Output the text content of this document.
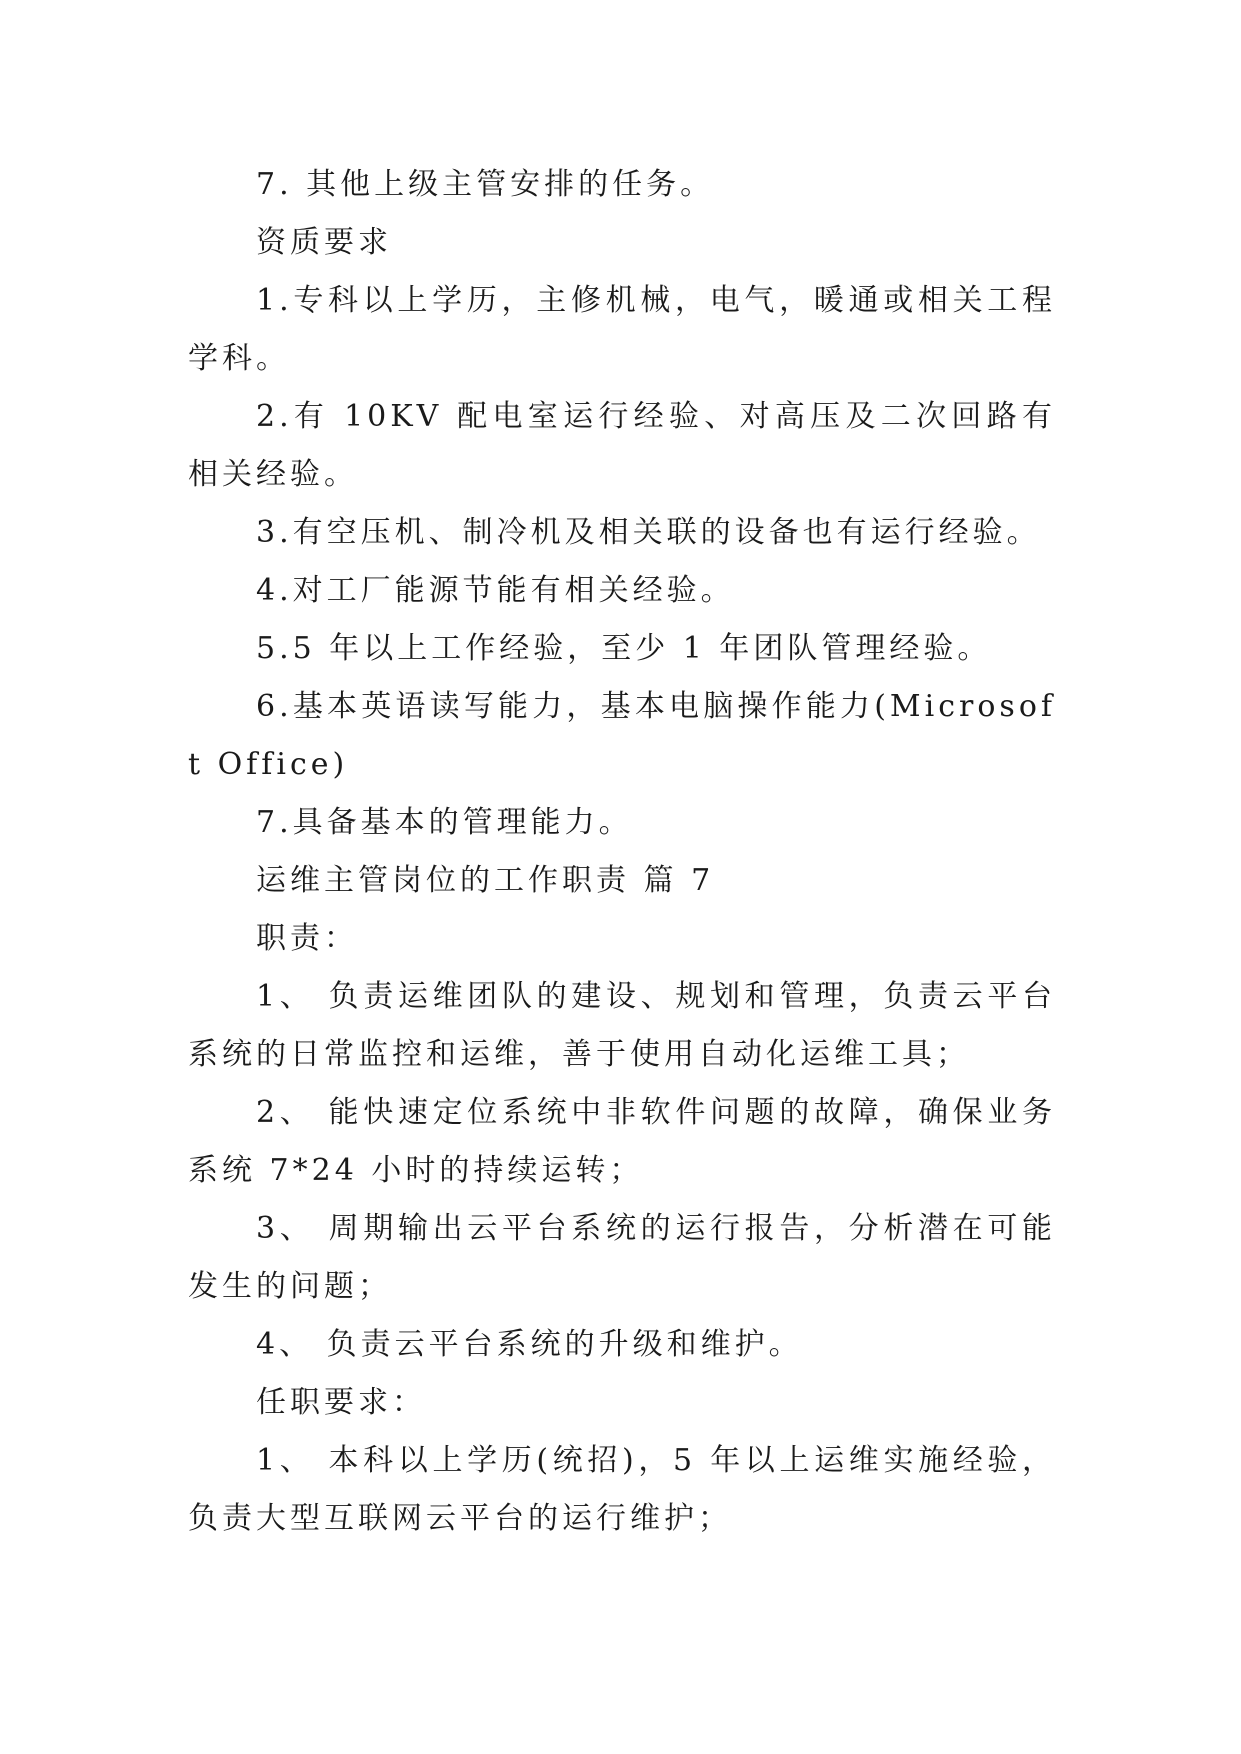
7. 其他上级主管安排的任务。

资质要求

1.专科以上学历，主修机械，电气，暖通或相关工程学科。

2.有 10KV 配电室运行经验、对高压及二次回路有相关经验。

3.有空压机、制冷机及相关联的设备也有运行经验。

4.对工厂能源节能有相关经验。

5.5 年以上工作经验，至少 1 年团队管理经验。

6.基本英语读写能力，基本电脑操作能力(Microsoft Office)

7.具备基本的管理能力。

运维主管岗位的工作职责 篇 7

职责：

1、 负责运维团队的建设、规划和管理，负责云平台系统的日常监控和运维，善于使用自动化运维工具；

2、 能快速定位系统中非软件问题的故障，确保业务系统 7*24 小时的持续运转；

3、 周期输出云平台系统的运行报告，分析潜在可能发生的问题；

4、 负责云平台系统的升级和维护。

任职要求：

1、 本科以上学历(统招)，5 年以上运维实施经验，负责大型互联网云平台的运行维护；
